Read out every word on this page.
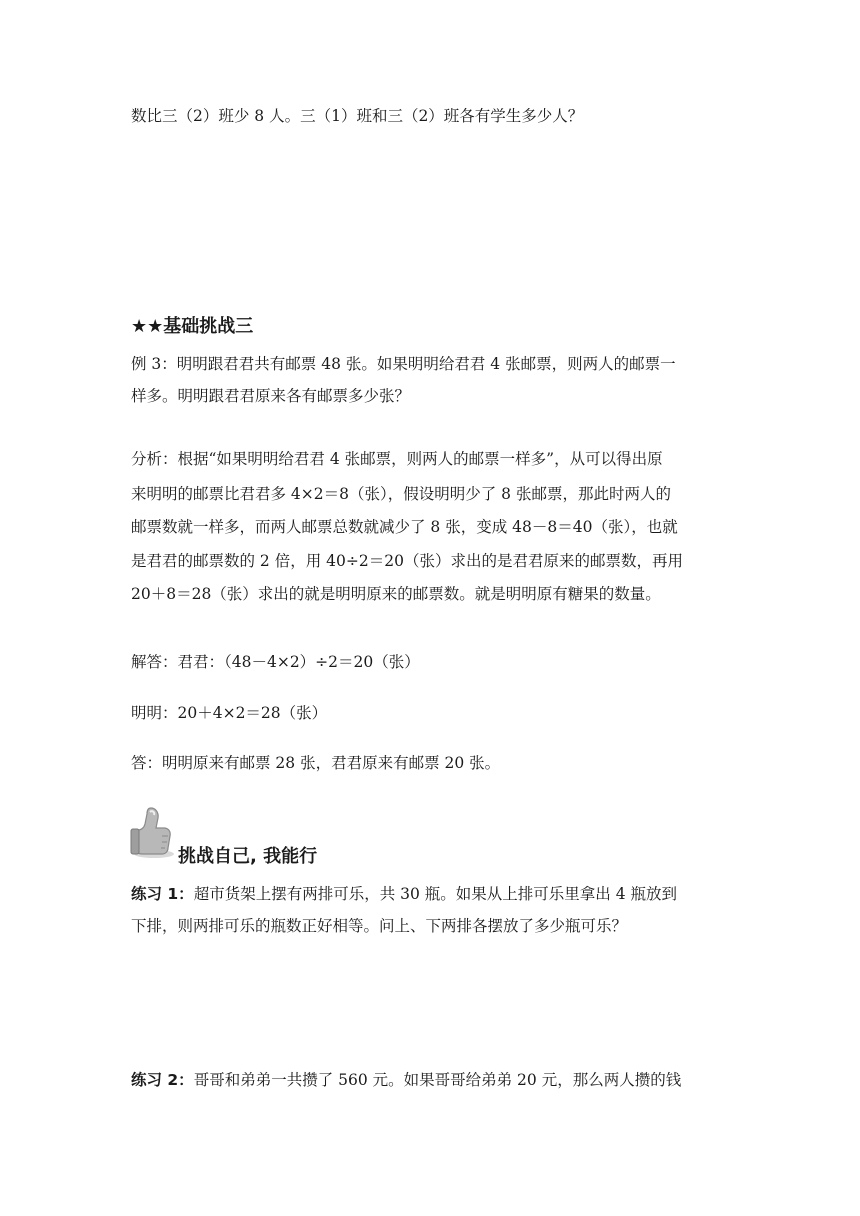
数比三（2）班少 8 人。三（1）班和三（2）班各有学生多少人？
★★基础挑战三
例 3：明明跟君君共有邮票 48 张。如果明明给君君 4 张邮票，则两人的邮票一
样多。明明跟君君原来各有邮票多少张？
分析：根据“如果明明给君君 4 张邮票，则两人的邮票一样多”，从可以得出原
来明明的邮票比君君多 4×2＝8（张），假设明明少了 8 张邮票，那此时两人的
邮票数就一样多，而两人邮票总数就减少了 8 张，变成 48－8＝40（张），也就
是君君的邮票数的 2 倍，用 40÷2＝20（张）求出的是君君原来的邮票数，再用
20＋8＝28（张）求出的就是明明原来的邮票数。就是明明原有糖果的数量。
解答：君君：（48－4×2）÷2＝20（张）
明明：20＋4×2＝28（张）
答：明明原来有邮票 28 张，君君原来有邮票 20 张。
挑战自己, 我能行
练习 1：超市货架上摆有两排可乐，共 30 瓶。如果从上排可乐里拿出 4 瓶放到
下排，则两排可乐的瓶数正好相等。问上、下两排各摆放了多少瓶可乐？
练习 2：哥哥和弟弟一共攒了 560 元。如果哥哥给弟弟 20 元，那么两人攒的钱
